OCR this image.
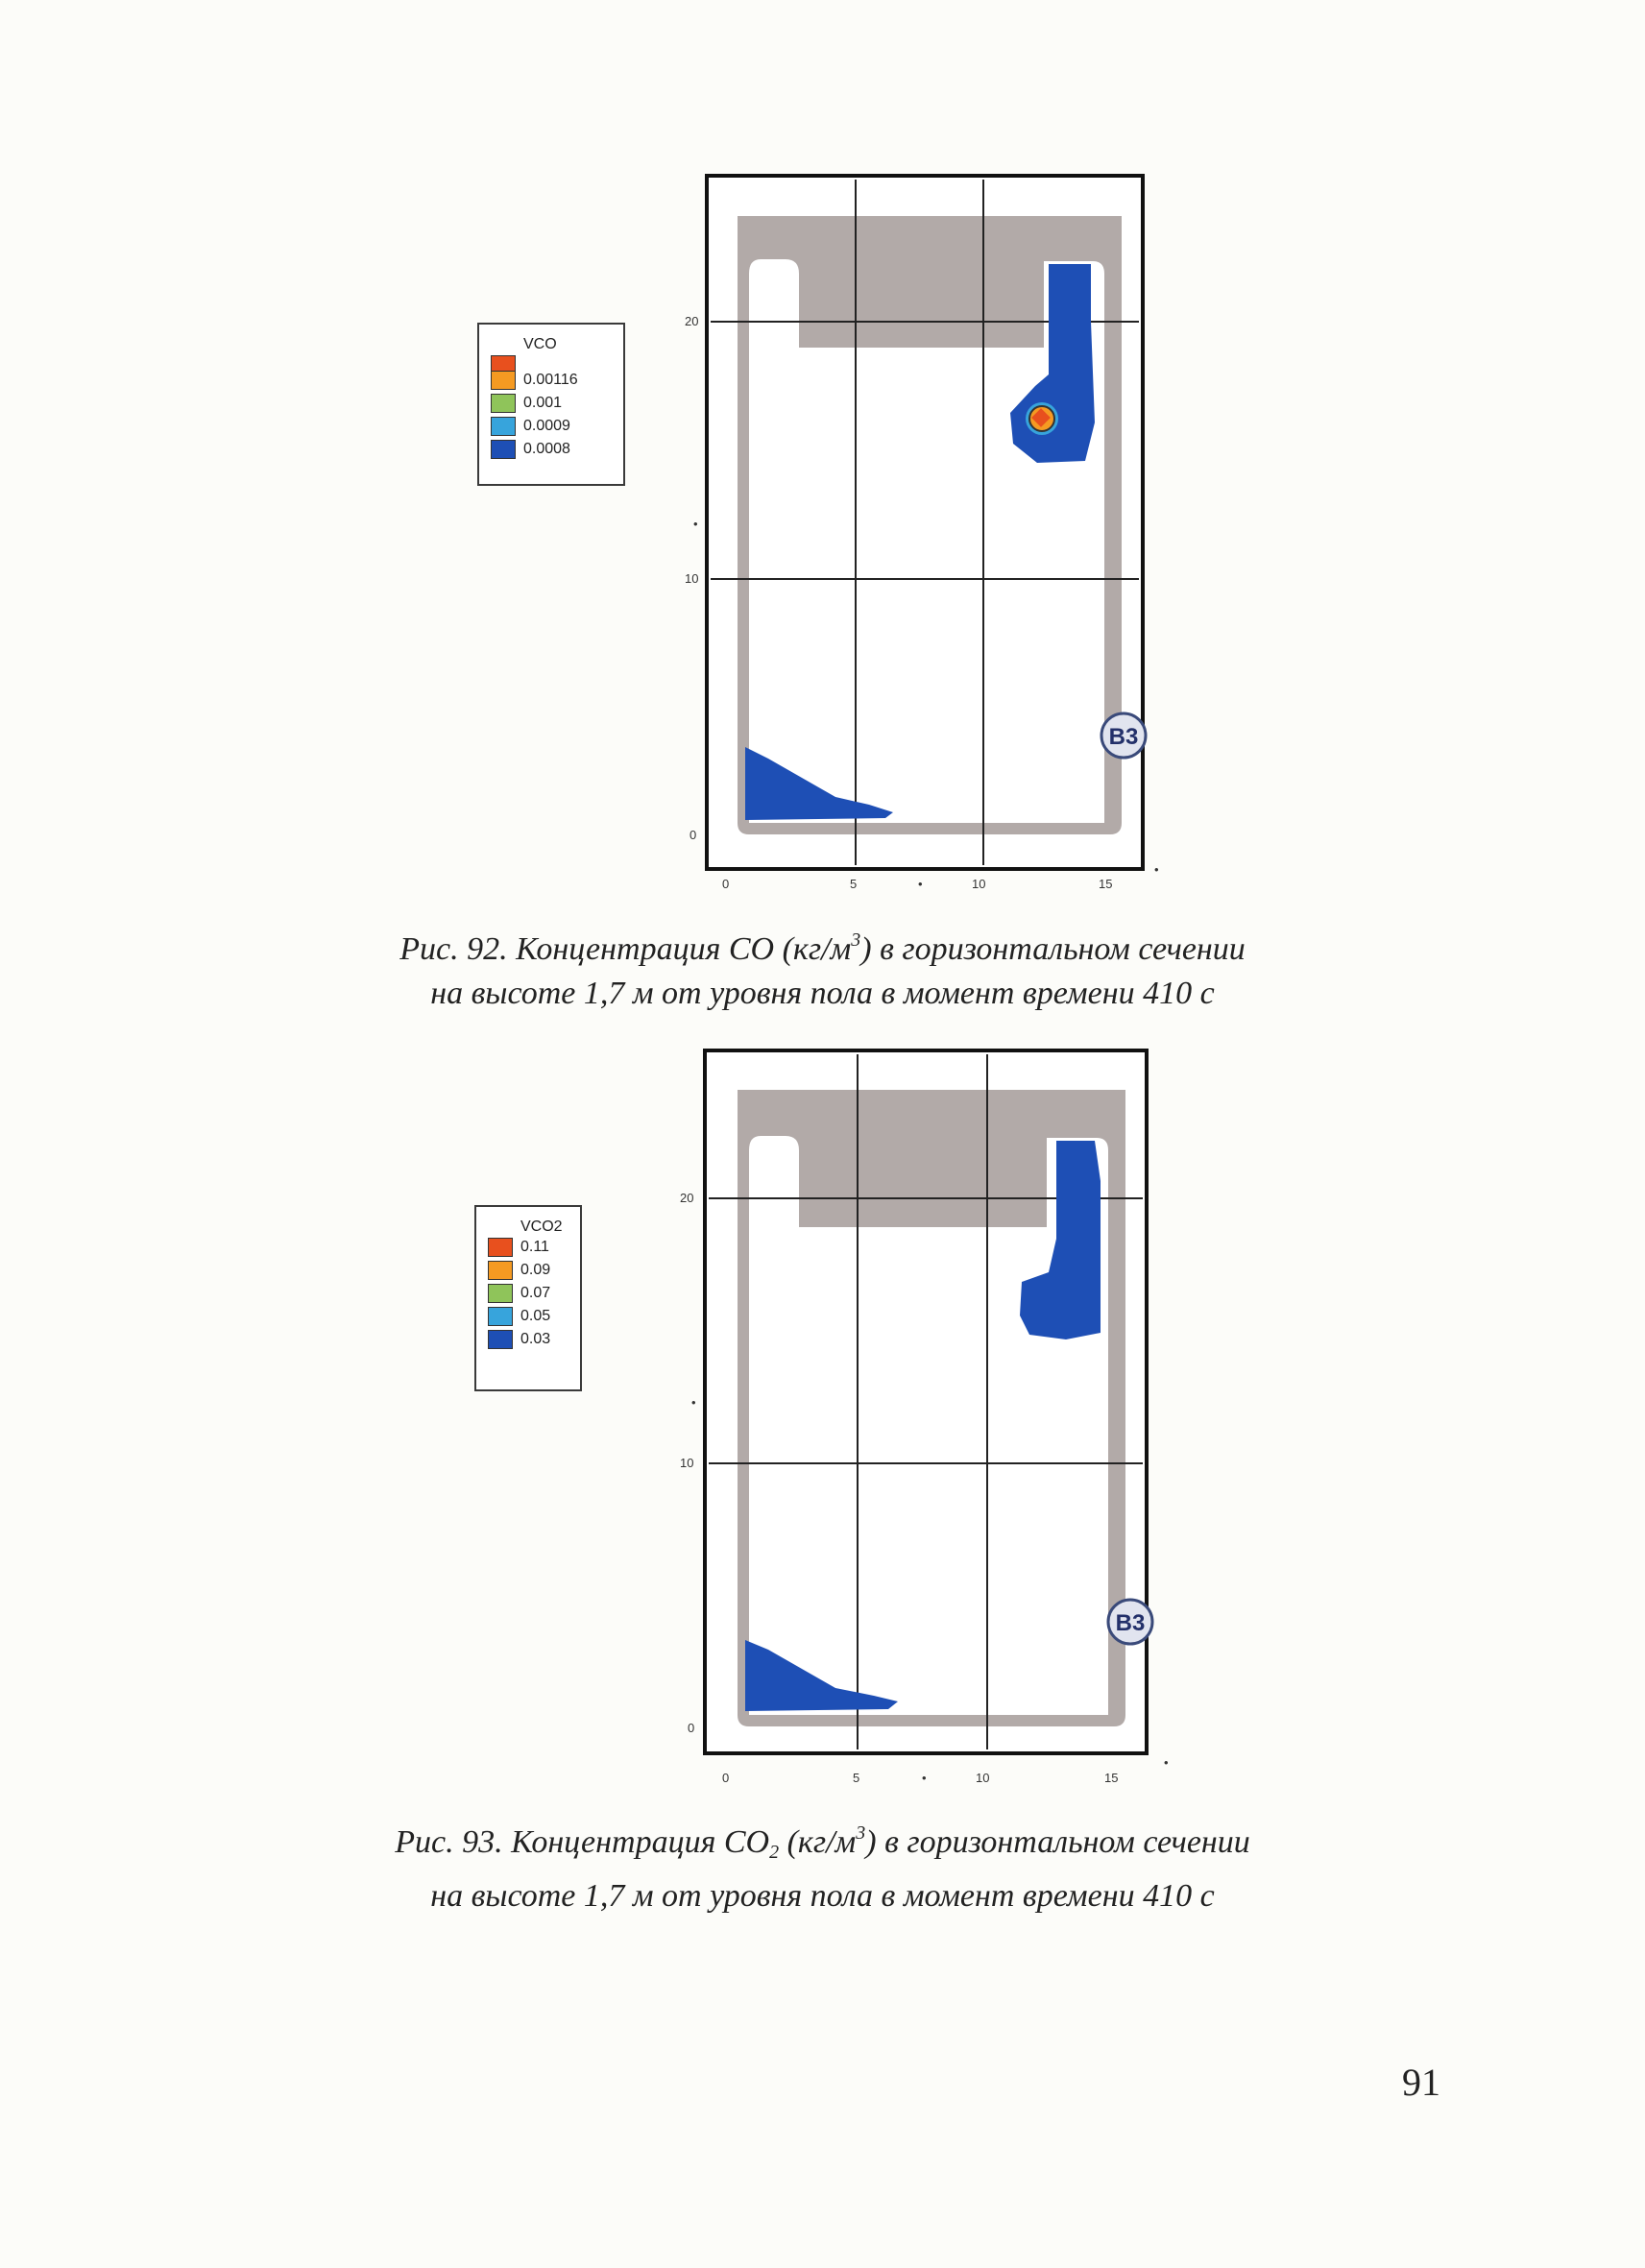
VCO
0.00116
0.001
0.0009
0.0008
B3
20
10
0
•
0	5	10	15
•
•
Рис. 92. Концентрация CO $(кг/м^3)$ в горизонтальном сечении
на высоте 1,7 м от уровня пола в момент времени 410 с
VCO2
0.11
0.09
0.07
0.05
0.03
B3
20
10
0
•
0	5	10	15
•
•
Рис. 93. Концентрация $CO_2$ $(кг/м^3)$ в горизонтальном сечении
на высоте 1,7 м от уровня пола в момент времени 410 с
91
